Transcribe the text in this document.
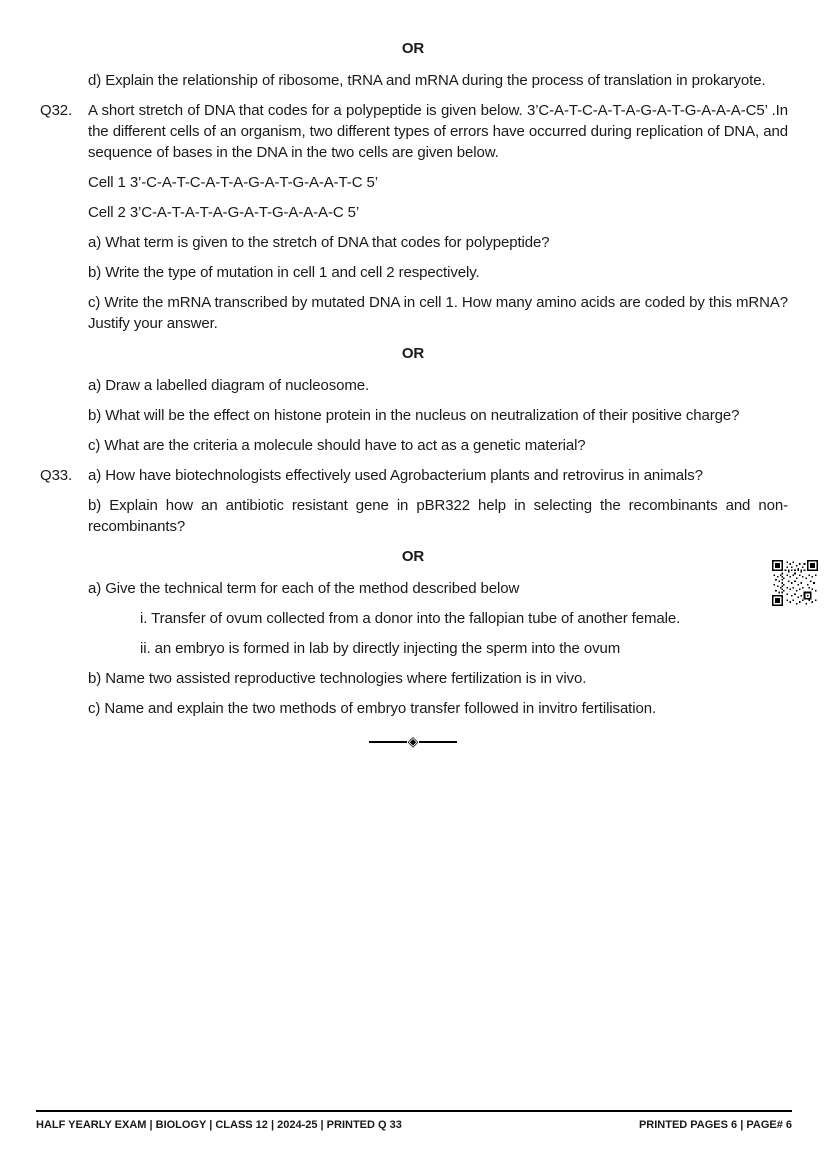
OR

d) Explain the relationship of ribosome, tRNA and mRNA during the process of translation in prokaryote.

Q32. A short stretch of DNA that codes for a polypeptide is given below. 3’C-A-T-C-A-T-A-G-A-T-G-A-A-A-C5’ .In the different cells of an organism, two different types of errors have occurred during replication of DNA, and sequence of bases in the DNA in the two cells are given below.

Cell 1 3’-C-A-T-C-A-T-A-G-A-T-G-A-A-T-C 5’

Cell 2 3’C-A-T-A-T-A-G-A-T-G-A-A-A-C 5’

a) What term is given to the stretch of DNA that codes for polypeptide?

b) Write the type of mutation in cell 1 and cell 2 respectively.

c) Write the mRNA transcribed by mutated DNA in cell 1. How many amino acids are coded by this mRNA? Justify your answer.

OR

a) Draw a labelled diagram of nucleosome.

b) What will be the effect on histone protein in the nucleus on neutralization of their positive charge?

c) What are the criteria a molecule should have to act as a genetic material?

Q33. a) How have biotechnologists effectively used Agrobacterium plants and retrovirus in animals?

b) Explain how an antibiotic resistant gene in pBR322 help in selecting the recombinants and non-recombinants?

OR

a) Give the technical term for each of the method described below

i. Transfer of ovum collected from a donor into the fallopian tube of another female.

ii. an embryo is formed in lab by directly injecting the sperm into the ovum

b) Name two assisted reproductive technologies where fertilization is in vivo.

c) Name and explain the two methods of embryo transfer followed in invitro fertilisation.

◈
HALF YEARLY EXAM | BIOLOGY | CLASS 12 | 2024-25 | PRINTED Q 33	PRINTED PAGES 6 | PAGE# 6
